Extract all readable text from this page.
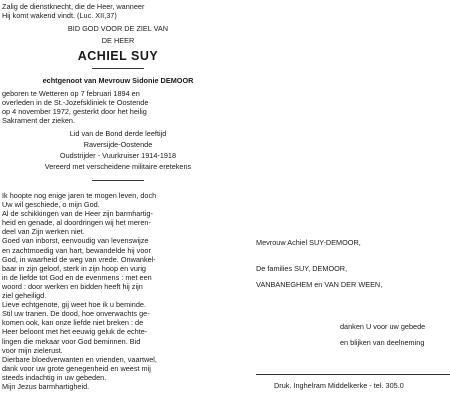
Zalig de dienstknecht, die de Heer, wanneer
Hij komt wakend vindt. (Luc. XII,37)
BID GOD VOOR DE ZIEL VAN
DE HEER
ACHIEL SUY
echtgenoot van Mevrouw Sidonie DEMOOR
geboren te Wetteren op 7 februari 1894 en
overleden in de St.-Jozefskliniek te Oostende
op 4 november 1972, gesterkt door het heilig
Sakrament der zieken.
Lid van de Bond derde leeftijd
Raversijde-Oostende
Oudstrijder - Vuurkruiser 1914-1918
Vereerd met verscheidene militaire eretekens
Ik hoopte nog enige jaren te mogen leven, doch
Uw wil geschiede, o mijn God.
Al de schikkingen van de Heer zijn barmhartig-
heid en genade, al doordringen wij het meren-
deel van Zijn werken niet.
Goed van inborst, eenvoudig van levenswijze
en zachtmoedig van hart, bewandelde hij voor
God, in waarheid de weg van vrede. Onwankel-
baar in zijn geloof, sterk in zijn hoop en vurig
in de liefde tot God en de evenmens : met een
woord : door werken en bidden heeft hij zijn
ziel geheiligd.
Lieve echtgenote, gij weet hoe ik u beminde.
Stil uw tranen. De dood, hoe onverwachts ge-
komen ook, kan onze liefde niet breken : de
Heer beloont met het eeuwig geluk de echte-
lingen die mekaar voor God beminnen. Bid
voor mijn zielerust.
Dierbare bloedverwanten en vrienden, vaartwel,
dank voor uw grote genegenheid en weest mij
steeds indachtig in uw gebeden.
Mijn Jezus barmhartigheid.
Mevrouw Achiel SUY-DEMOOR,
De families SUY, DEMOOR,
VANBANEGHEM en VAN DER WEEN,
danken U voor uw gebede
en blijken van deelneming
Druk. Inghelram Middelkerke - tel. 305.0
